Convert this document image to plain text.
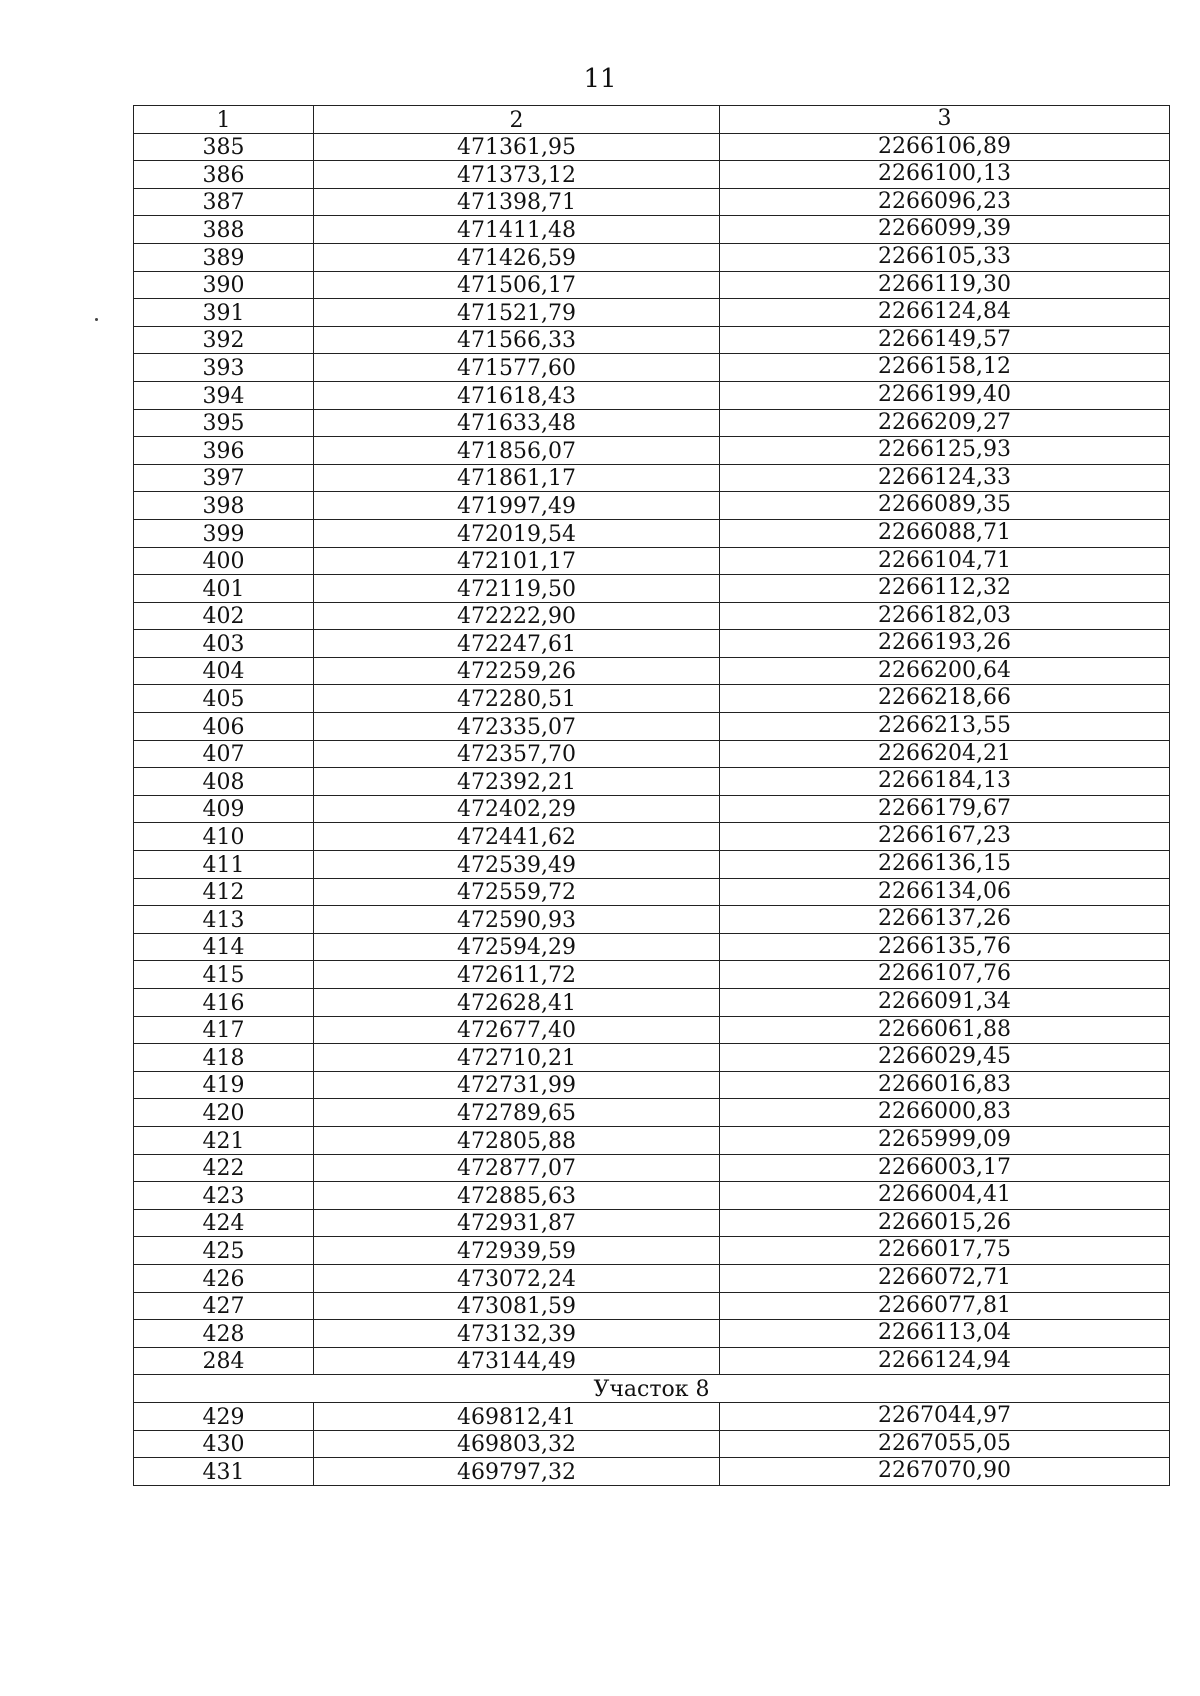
11
1	2	3
385	471361,95	2266106,89
386	471373,12	2266100,13
387	471398,71	2266096,23
388	471411,48	2266099,39
389	471426,59	2266105,33
390	471506,17	2266119,30
391	471521,79	2266124,84
392	471566,33	2266149,57
393	471577,60	2266158,12
394	471618,43	2266199,40
395	471633,48	2266209,27
396	471856,07	2266125,93
397	471861,17	2266124,33
398	471997,49	2266089,35
399	472019,54	2266088,71
400	472101,17	2266104,71
401	472119,50	2266112,32
402	472222,90	2266182,03
403	472247,61	2266193,26
404	472259,26	2266200,64
405	472280,51	2266218,66
406	472335,07	2266213,55
407	472357,70	2266204,21
408	472392,21	2266184,13
409	472402,29	2266179,67
410	472441,62	2266167,23
411	472539,49	2266136,15
412	472559,72	2266134,06
413	472590,93	2266137,26
414	472594,29	2266135,76
415	472611,72	2266107,76
416	472628,41	2266091,34
417	472677,40	2266061,88
418	472710,21	2266029,45
419	472731,99	2266016,83
420	472789,65	2266000,83
421	472805,88	2265999,09
422	472877,07	2266003,17
423	472885,63	2266004,41
424	472931,87	2266015,26
425	472939,59	2266017,75
426	473072,24	2266072,71
427	473081,59	2266077,81
428	473132,39	2266113,04
284	473144,49	2266124,94
Участок 8		
429	469812,41	2267044,97
430	469803,32	2267055,05
431	469797,32	2267070,90
